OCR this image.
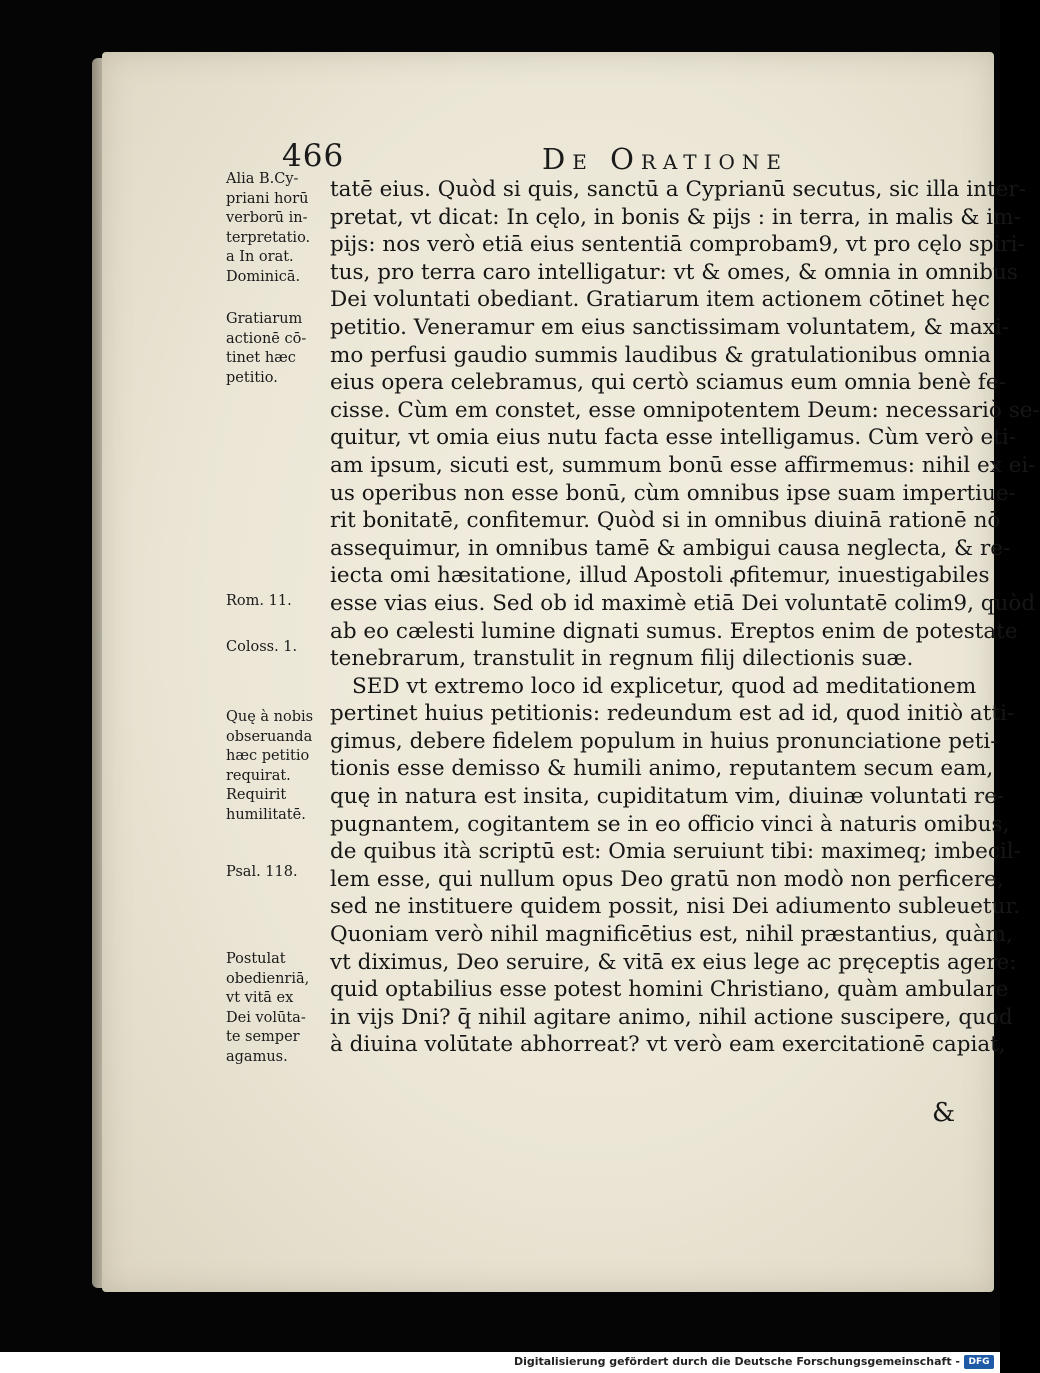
466	De Oratione
Alia B.Cy-
priani horū
verborū in-
terpretatio.
a In orat.
Dominicā.
Gratiarum
actionē cō-
tinet hæc
petitio.
Rom. 11.
Coloss. 1.
Quę à nobis
obseruanda
hæc petitio
requirat.
Requirit
humilitatē.
Psal. 118.
Postulat
obedienriā,
vt vitā ex
Dei volūta-
te semper
agamus.
tatē eius. Quòd si quis, sanctū a Cyprianū secutus, sic illa inter-
pretat, vt dicat: In cęlo, in bonis & pijs : in terra, in malis & im-
pijs: nos verò etiā eius sententiā comprobam9, vt pro cęlo spiri-
tus, pro terra caro intelligatur: vt & omes, & omnia in omnibus
Dei voluntati obediant. Gratiarum item actionem cōtinet hęc
petitio. Veneramur em eius sanctissimam voluntatem, & maxi-
mo perfusi gaudio summis laudibus & gratulationibus omnia
eius opera celebramus, qui certò sciamus eum omnia benè fe-
cisse. Cùm em constet, esse omnipotentem Deum: necessariò se-
quitur, vt omia eius nutu facta esse intelligamus. Cùm verò eti-
am ipsum, sicuti est, summum bonū esse affirmemus: nihil ex ei-
us operibus non esse bonū, cùm omnibus ipse suam impertiue-
rit bonitatē, confitemur. Quòd si in omnibus diuinā rationē nō
assequimur, in omnibus tamē & ambigui causa neglecta, & re-
iecta omi hæsitatione, illud Apostoli ꝓfitemur, inuestigabiles
esse vias eius. Sed ob id maximè etiā Dei voluntatē colim9, quòd
ab eo cælesti lumine dignati sumus. Ereptos enim de potestate
tenebrarum, transtulit in regnum filij dilectionis suæ.
SED vt extremo loco id explicetur, quod ad meditationem
pertinet huius petitionis: redeundum est ad id, quod initiò atti-
gimus, debere fidelem populum in huius pronunciatione peti-
tionis esse demisso & humili animo, reputantem secum eam,
quę in natura est insita, cupiditatum vim, diuinæ voluntati re-
pugnantem, cogitantem se in eo officio vinci à naturis omibus,
de quibus ità scriptū est: Omia seruiunt tibi: maximeq; imbecil-
lem esse, qui nullum opus Deo gratū non modò non perficere,
sed ne instituere quidem possit, nisi Dei adiumento subleuetur.
Quoniam verò nihil magnificētius est, nihil præstantius, quàm,
vt diximus, Deo seruire, & vitā ex eius lege ac pręceptis agere:
quid optabilius esse potest homini Christiano, quàm ambulare
in vijs Dni? q̄ nihil agitare animo, nihil actione suscipere, quod
à diuina volūtate abhorreat? vt verò eam exercitationē capiat,
&
Digitalisierung gefördert durch die Deutsche Forschungsgemeinschaft - DFG
